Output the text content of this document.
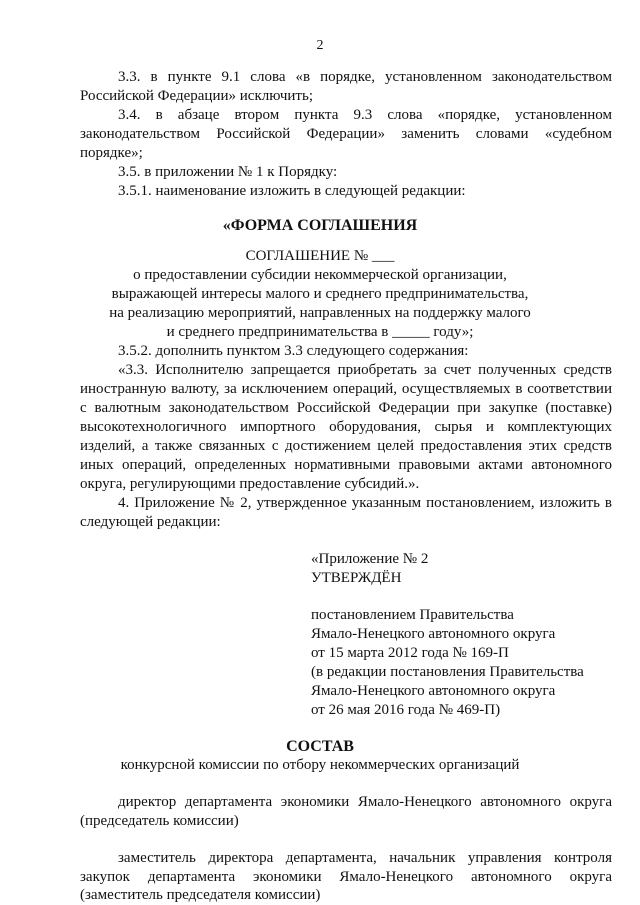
2
3.3. в пункте 9.1 слова «в порядке, установленном законодательством
Российской Федерации» исключить;
3.4. в абзаце втором пункта 9.3 слова «порядке, установленном
законодательством Российской Федерации» заменить словами «судебном
порядке»;
3.5. в приложении № 1 к Порядку:
3.5.1. наименование изложить в следующей редакции:
«ФОРМА СОГЛАШЕНИЯ
СОГЛАШЕНИЕ № ___
о предоставлении субсидии некоммерческой организации,
выражающей интересы малого и среднего предпринимательства,
на реализацию мероприятий, направленных на поддержку малого
и среднего предпринимательства в _____ году»;
3.5.2. дополнить пунктом 3.3 следующего содержания:
«3.3. Исполнителю запрещается приобретать за счет полученных средств
иностранную валюту, за исключением операций, осуществляемых в соответствии
с валютным законодательством Российской Федерации при закупке (поставке)
высокотехнологичного импортного оборудования, сырья и комплектующих
изделий, а также связанных с достижением целей предоставления этих средств
иных операций, определенных нормативными правовыми актами автономного
округа, регулирующими предоставление субсидий.».
4. Приложение № 2, утвержденное указанным постановлением, изложить в
следующей редакции:
«Приложение № 2
УТВЕРЖДЁН
постановлением Правительства
Ямало-Ненецкого автономного округа
от 15 марта 2012 года № 169-П
(в редакции постановления Правительства
Ямало-Ненецкого автономного округа
от 26 мая 2016 года № 469-П)
СОСТАВ
конкурсной комиссии по отбору некоммерческих организаций
директор департамента экономики Ямало-Ненецкого автономного округа
(председатель комиссии)
заместитель директора департамента, начальник управления контроля
закупок департамента экономики Ямало-Ненецкого автономного округа
(заместитель председателя комиссии)
